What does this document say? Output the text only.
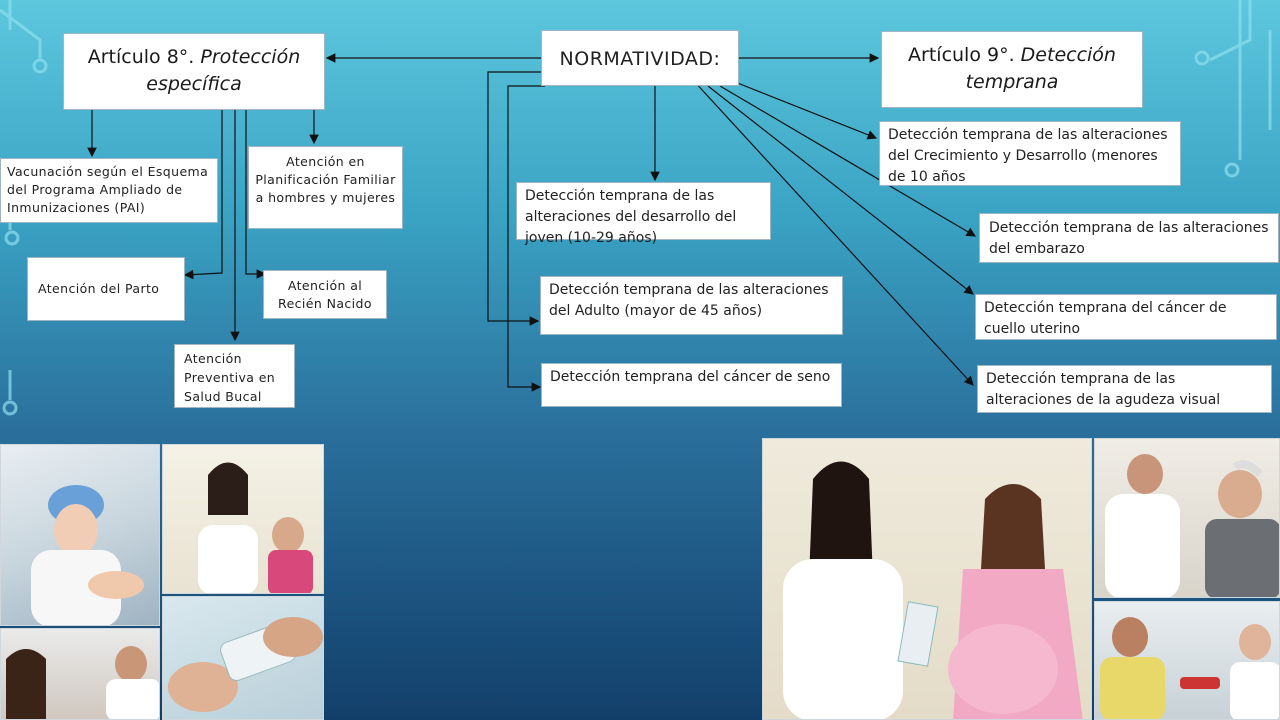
NORMATIVIDAD:
Artículo 8°. Protección específica
Artículo 9°. Detección temprana
Vacunación según el Esquema del Programa Ampliado de Inmunizaciones (PAI)
Atención en Planificación Familiar a hombres y mujeres
Atención del Parto	Atención al Recién Nacido
Atención Preventiva en Salud Bucal
Detección temprana de las alteraciones del desarrollo del joven (10-29 años)
Detección temprana de las alteraciones del Adulto (mayor de 45 años)
Detección temprana del cáncer de seno
Detección temprana de las alteraciones del Crecimiento y Desarrollo (menores de 10 años
Detección temprana de las alteraciones del embarazo
Detección temprana del cáncer de cuello uterino
Detección temprana de las alteraciones de la agudeza visual
